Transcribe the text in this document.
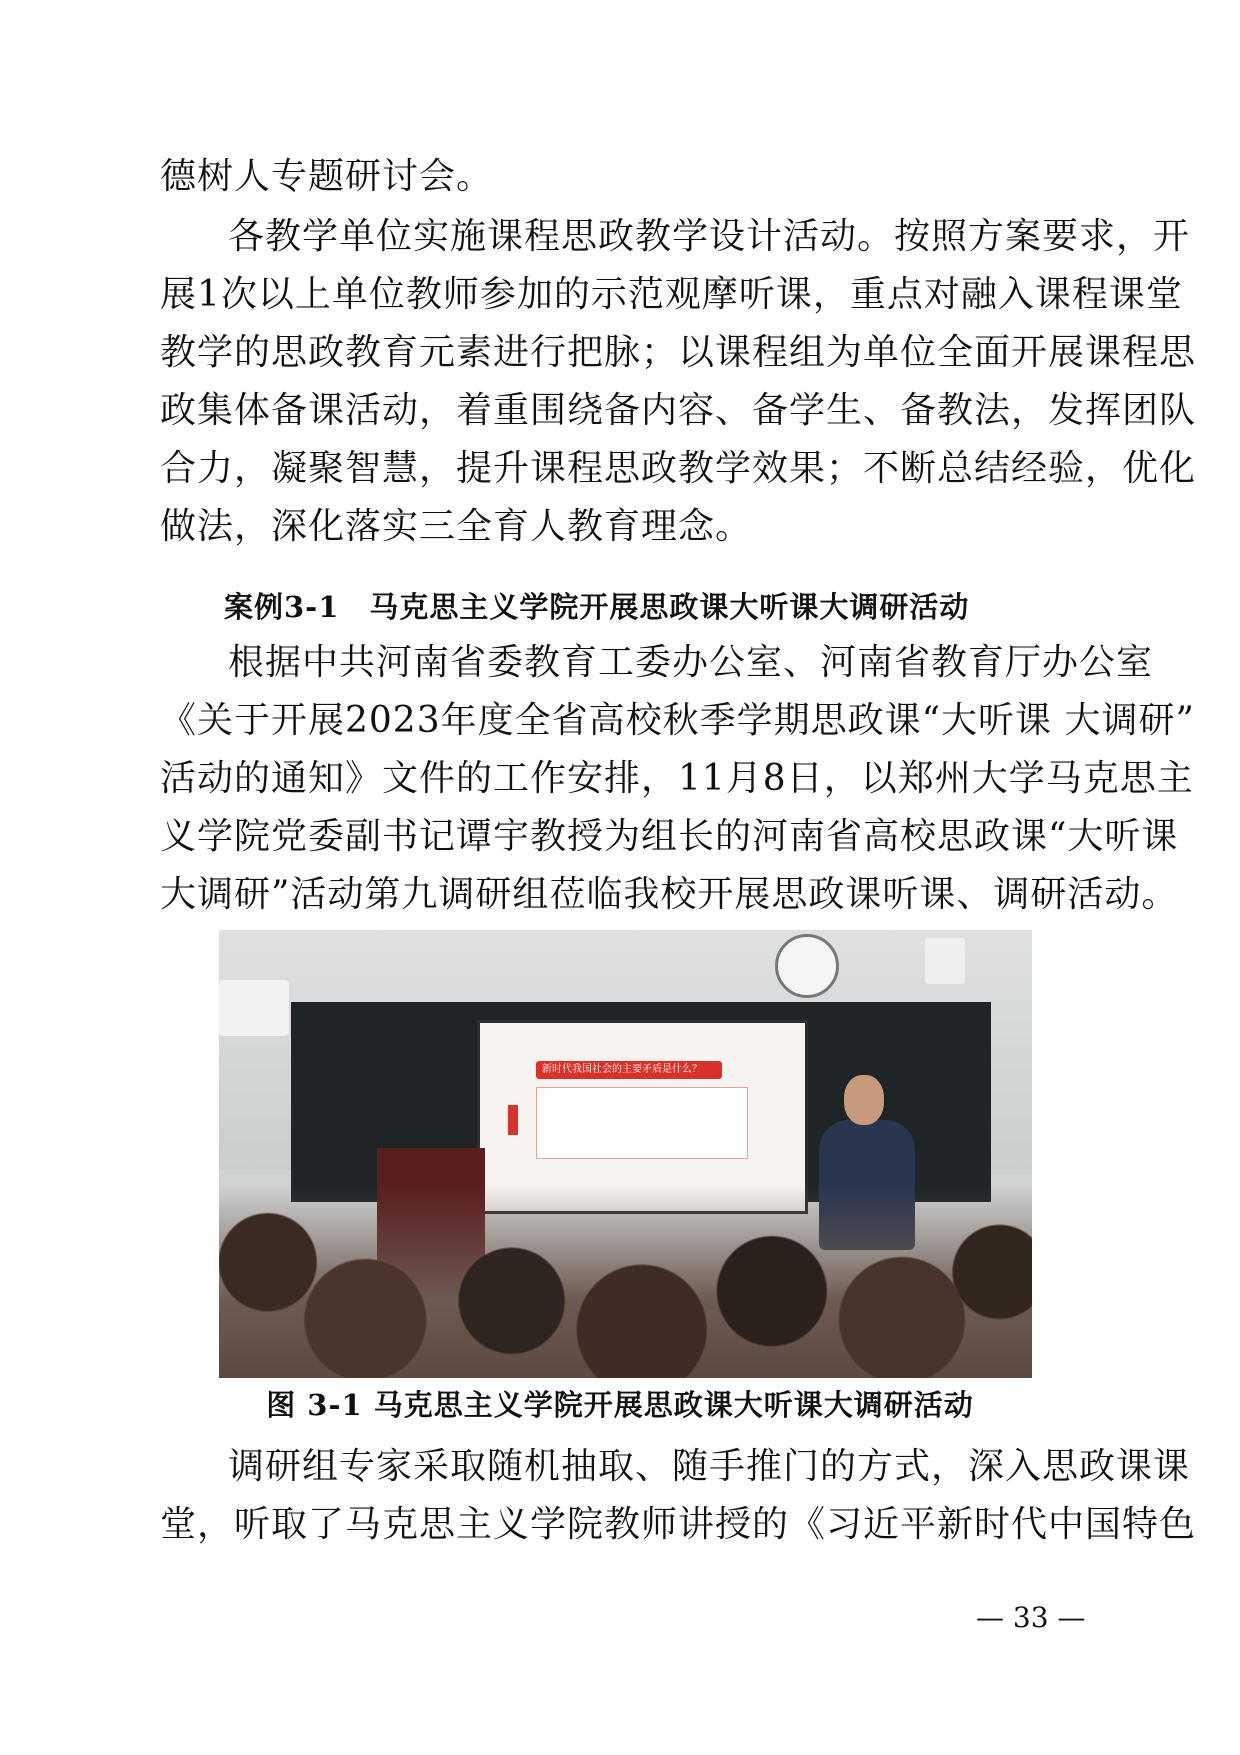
德树人专题研讨会。
各教学单位实施课程思政教学设计活动。按照方案要求，开
展1次以上单位教师参加的示范观摩听课，重点对融入课程课堂
教学的思政教育元素进行把脉；以课程组为单位全面开展课程思
政集体备课活动，着重围绕备内容、备学生、备教法，发挥团队
合力，凝聚智慧，提升课程思政教学效果；不断总结经验，优化
做法，深化落实三全育人教育理念。
案例3-1　马克思主义学院开展思政课大听课大调研活动
根据中共河南省委教育工委办公室、河南省教育厅办公室
《关于开展2023年度全省高校秋季学期思政课“大听课 大调研”
活动的通知》文件的工作安排，11月8日，以郑州大学马克思主
义学院党委副书记谭宇教授为组长的河南省高校思政课“大听课
大调研”活动第九调研组莅临我校开展思政课听课、调研活动。
新时代我国社会的主要矛盾是什么？
图 3-1 马克思主义学院开展思政课大听课大调研活动
调研组专家采取随机抽取、随手推门的方式，深入思政课课
堂，听取了马克思主义学院教师讲授的《习近平新时代中国特色
— 33 —
